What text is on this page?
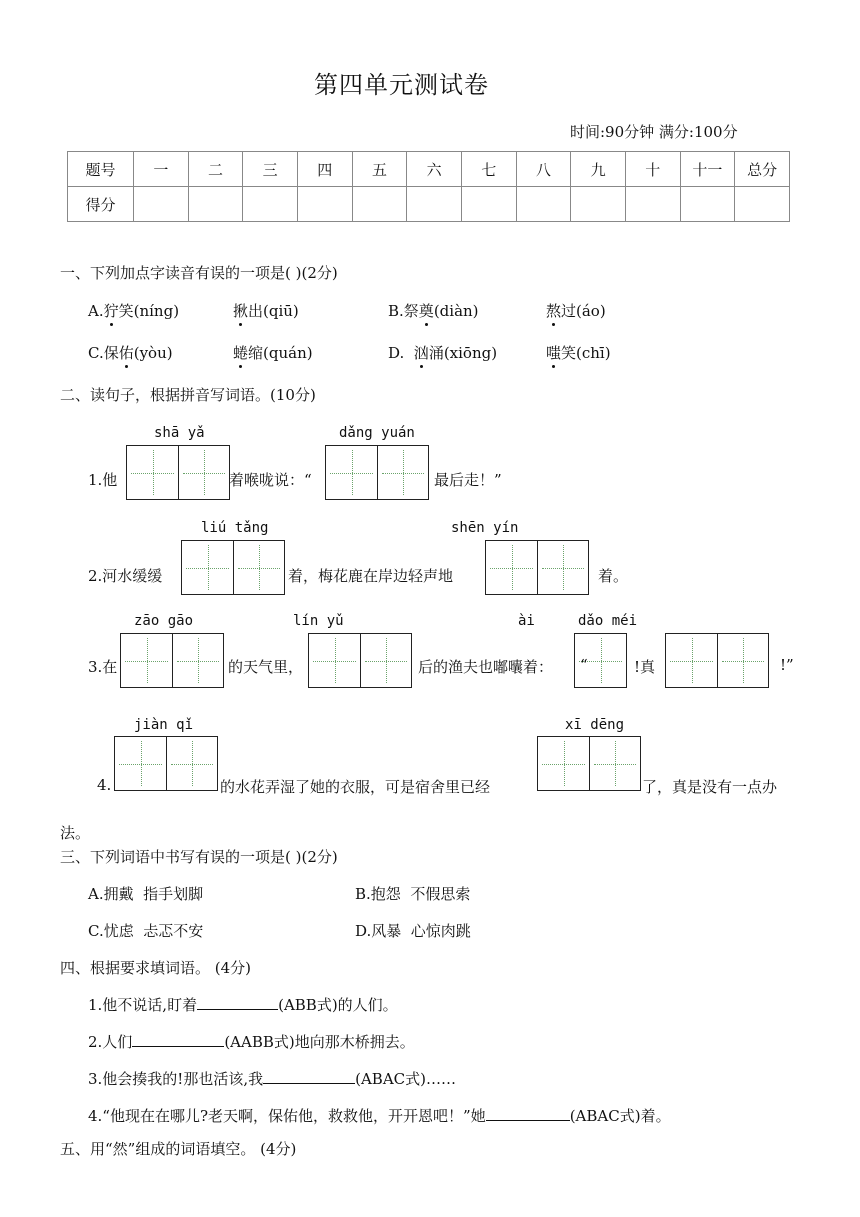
第四单元测试卷
时间:90分钟 满分:100分
题号	一	二	三	四	五	六	七	八	九	十	十一	总分
得分												
一、下列加点字读音有误的一项是( )(2分)
A.狞笑(níng)	揪出(qiū)	B.祭奠(diàn)	熬过(áo)
C.保佑(yòu)	蜷缩(quán)	D.  汹涌(xiōng)	嗤笑(chī)
二、读句子，根据拼音写词语。(10分)
shā yǎ	dǎng yuán
1.他	着喉咙说：“	最后走！”
liú tǎng	shēn yín
2.河水缓缓	着，梅花鹿在岸边轻声地	着。
zāo gāo	lín yǔ	ài	dǎo méi
3.在	的天气里，	后的渔夫也嘟囔着： “	!真	!”
jiàn qǐ	xī dēng
4.	的水花弄湿了她的衣服，可是宿舍里已经	了，真是没有一点办
法。
三、下列词语中书写有误的一项是( )(2分)
A.拥戴  指手划脚	B.抱怨  不假思索
C.忧虑  忐忑不安	D.风暴  心惊肉跳
四、根据要求填词语。 (4分)
1.他不说话,盯着	(ABB式)的人们。
2.人们	(AABB式)地向那木桥拥去。
3.他会揍我的!那也活该,我	(ABAC式)……
4.“他现在在哪儿?老天啊，保佑他，救救他，开开恩吧！”她	(ABAC式)着。
五、用“然”组成的词语填空。 (4分)
